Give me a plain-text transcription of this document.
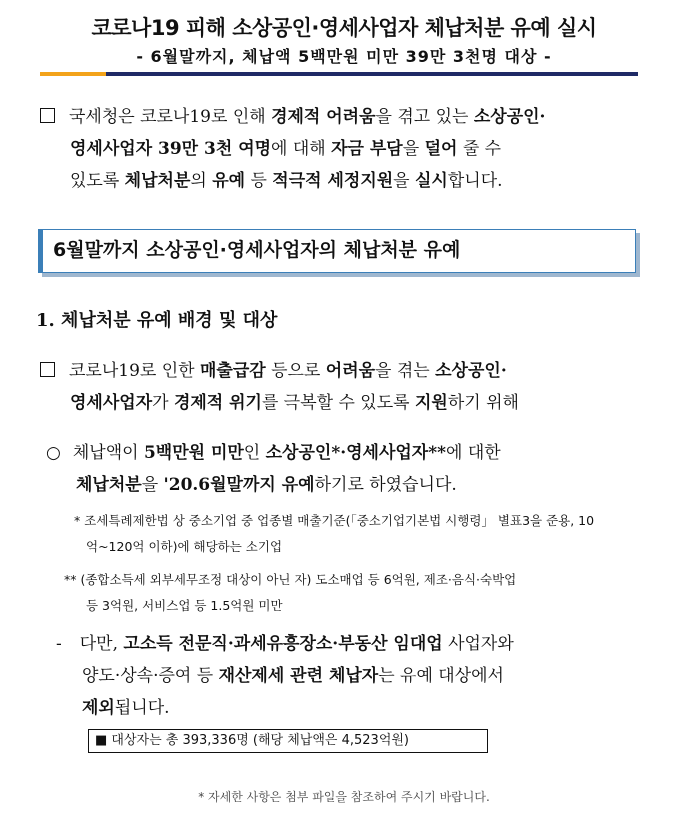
코로나19 피해 소상공인·영세사업자 체납처분 유예 실시
- 6월말까지, 체납액 5백만원 미만 39만 3천명 대상 -
국세청은 코로나19로 인해 경제적 어려움을 겪고 있는 소상공인·
영세사업자 39만 3천 여명에 대해 자금 부담을 덜어 줄 수
있도록 체납처분의 유예 등 적극적 세정지원을 실시합니다.
6월말까지 소상공인·영세사업자의 체납처분 유예
1. 체납처분 유예 배경 및 대상
코로나19로 인한 매출급감 등으로 어려움을 겪는 소상공인·
영세사업자가 경제적 위기를 극복할 수 있도록 지원하기 위해
○ 체납액이 5백만원 미만인 소상공인*·영세사업자**에 대한
체납처분을 '20.6월말까지 유예하기로 하였습니다.
* 조세특례제한법 상 중소기업 중 업종별 매출기준(「중소기업기본법 시행령」 별표3을 준용, 10
억~120억 이하)에 해당하는 소기업
** (종합소득세 외부세무조정 대상이 아닌 자) 도소매업 등 6억원, 제조·음식·숙박업
등 3억원, 서비스업 등 1.5억원 미만
- 다만, 고소득 전문직·과세유흥장소·부동산 임대업 사업자와
양도·상속·증여 등 재산제세 관련 체납자는 유예 대상에서
제외됩니다.
■ 대상자는 총 393,336명 (해당 체납액은 4,523억원)
* 자세한 사항은 첨부 파일을 참조하여 주시기 바랍니다.
